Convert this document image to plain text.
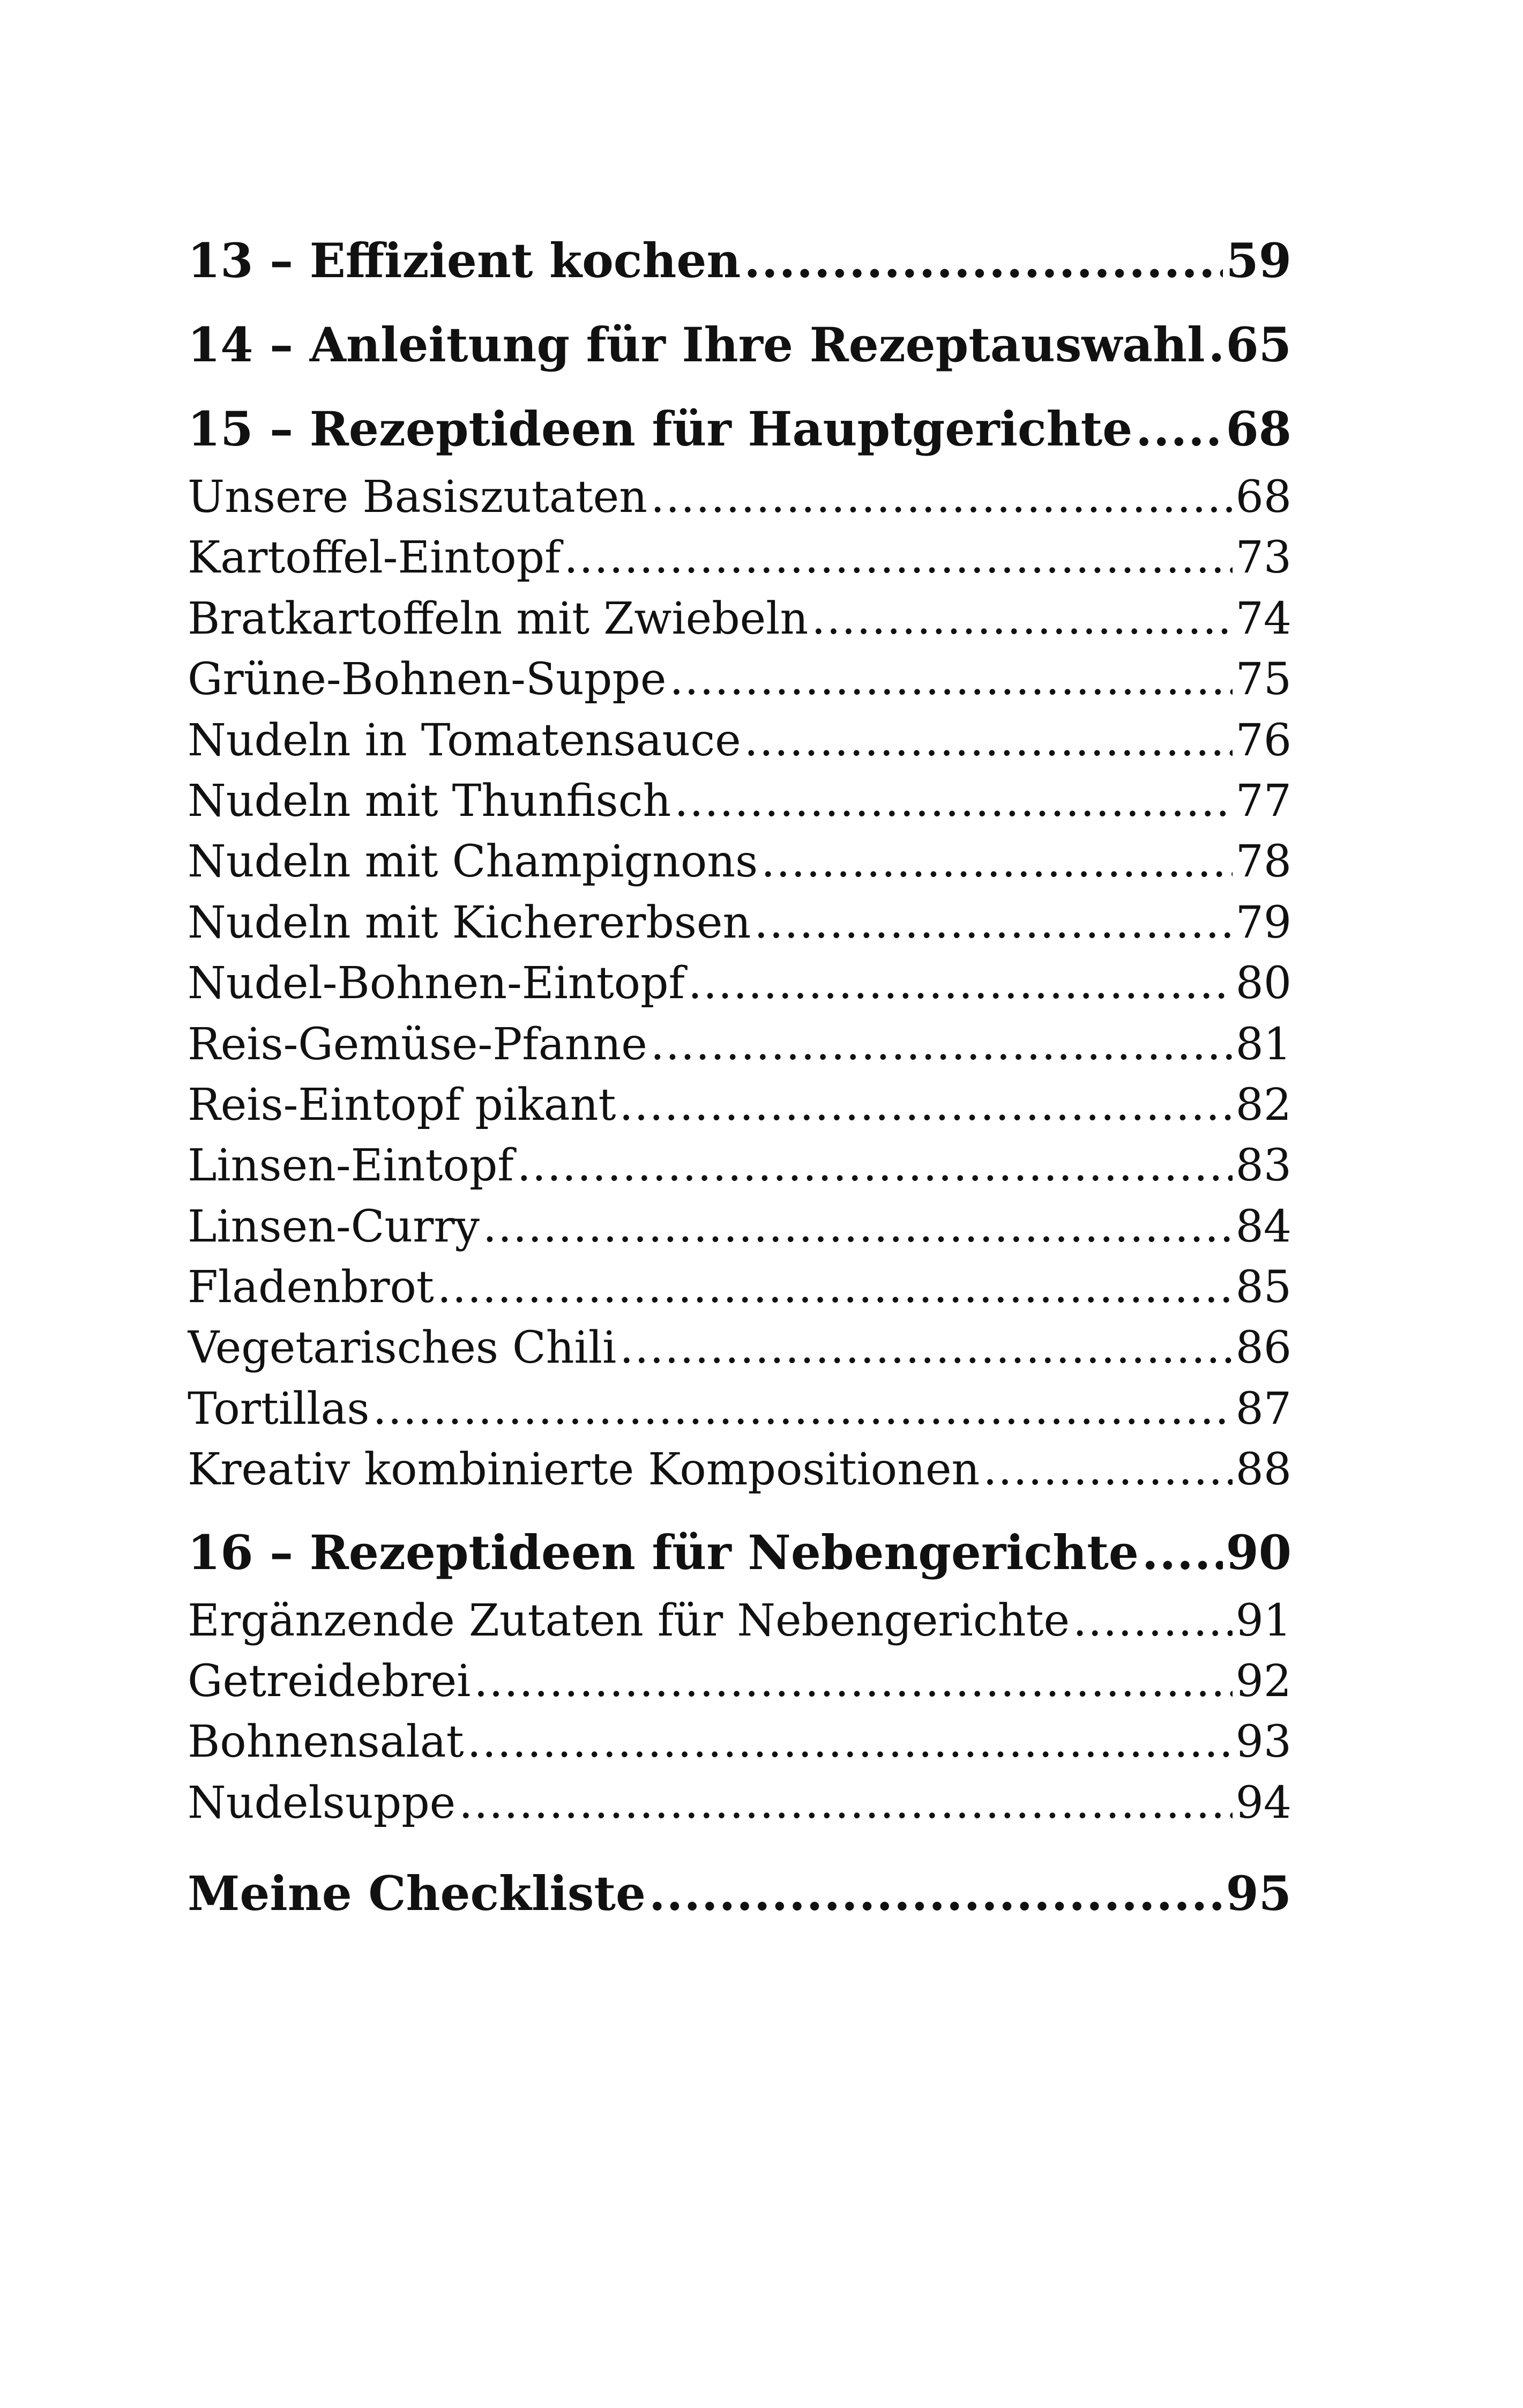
13 – Effizient kochen .....	59
14 – Anleitung für Ihre Rezeptauswahl ..... 65
15 – Rezeptideen für Hauptgerichte ..... 68
Unsere Basiszutaten .....	68
Kartoffel-Eintopf .....	73
Bratkartoffeln mit Zwiebeln .....	74
Grüne-Bohnen-Suppe .....	75
Nudeln in Tomatensauce .....	76
Nudeln mit Thunfisch .....	77
Nudeln mit Champignons .....	78
Nudeln mit Kichererbsen .....	79
Nudel-Bohnen-Eintopf .....	80
Reis-Gemüse-Pfanne .....	81
Reis-Eintopf pikant .....	82
Linsen-Eintopf .....	83
Linsen-Curry .....	84
Fladenbrot .....	85
Vegetarisches Chili .....	86
Tortillas .....	87
Kreativ kombinierte Kompositionen .....	88
16 – Rezeptideen für Nebengerichte ..... 90
Ergänzende Zutaten für Nebengerichte .....	91
Getreidebrei .....	92
Bohnensalat .....	93
Nudelsuppe .....	94
Meine Checkliste .....	95
